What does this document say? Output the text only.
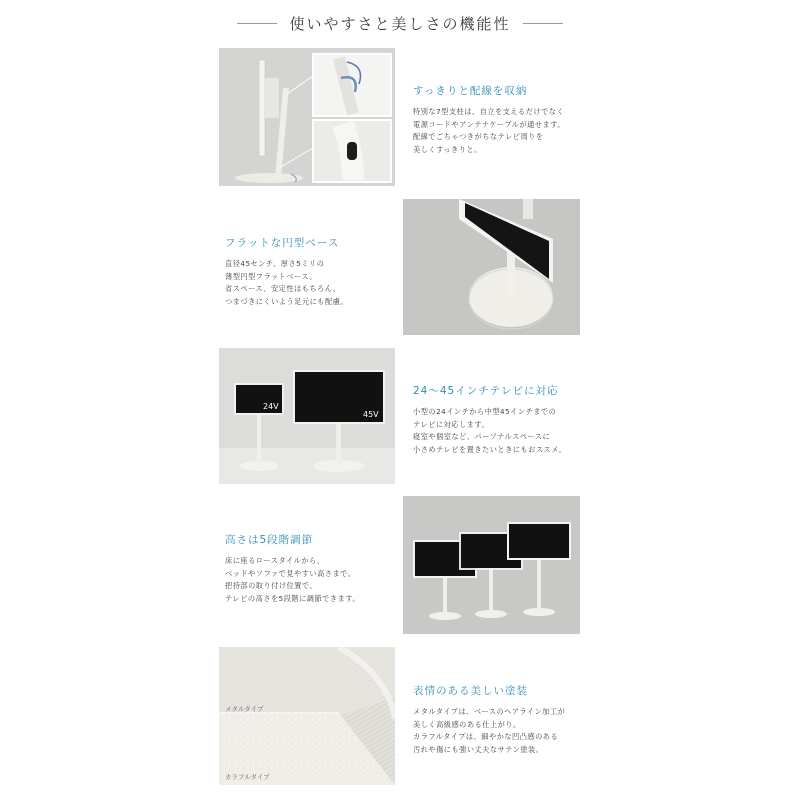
使いやすさと美しさの機能性
すっきりと配線を収納
特別な7型支柱は、自立を支えるだけでなく
電源コードやアンテナケーブルが通せます。
配線でごちゃつきがちなテレビ周りを
美しくすっきりと。
フラットな円型ベース
直径45センチ、厚さ5ミリの
薄型円型フラットベース。
省スペース、安定性はもちろん、
つまづきにくいよう足元にも配慮。
24V
45V
24～45インチテレビに対応
小型の24インチから中型45インチまでの
テレビに対応します。
寝室や個室など、パーソナルスペースに
小さめテレビを置きたいときにもおススメ。
高さは5段階調節
床に座るロースタイルから、
ベッドやソファで見やすい高さまで。
把持部の取り付け位置で、
テレビの高さを5段階に調節できます。
メタルタイプ
カラフルタイプ
表情のある美しい塗装
メタルタイプは、ベースのヘアライン加工が
美しく高級感のある仕上がり。
カラフルタイプは、細やかな凹凸感のある
汚れや傷にも強い丈夫なサテン塗装。
